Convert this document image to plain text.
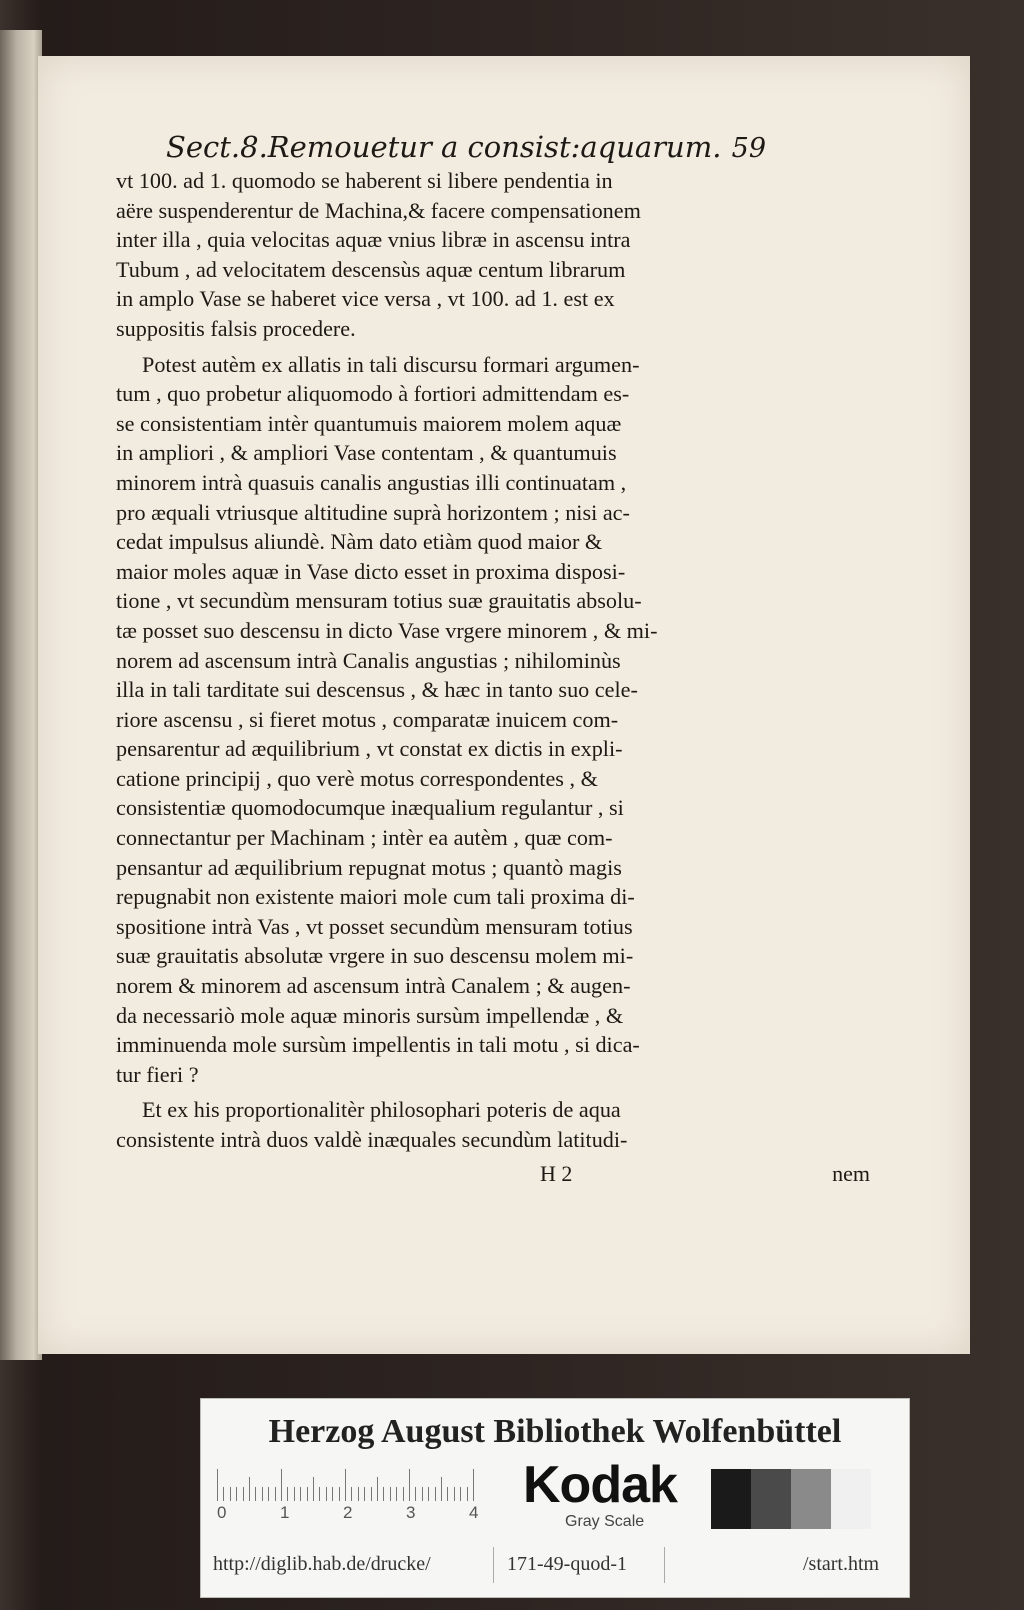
Sect.8.Remouetur a consist:aquarum. 59
vt 100. ad 1. quomodo se haberent si libere pendentia in
aëre suspenderentur de Machina,& facere compensationem
inter illa , quia velocitas aquæ vnius libræ in ascensu intra
Tubum , ad velocitatem descensùs aquæ centum librarum
in amplo Vase se haberet vice versa , vt 100. ad 1. est ex
suppositis falsis procedere.
Potest autèm ex allatis in tali discursu formari argumen-
tum , quo probetur aliquomodo à fortiori admittendam es-
se consistentiam intèr quantumuis maiorem molem aquæ
in ampliori , & ampliori Vase contentam , & quantumuis
minorem intrà quasuis canalis angustias illi continuatam ,
pro æquali vtriusque altitudine suprà horizontem ; nisi ac-
cedat impulsus aliundè. Nàm dato etiàm quod maior &
maior moles aquæ in Vase dicto esset in proxima disposi-
tione , vt secundùm mensuram totius suæ grauitatis absolu-
tæ posset suo descensu in dicto Vase vrgere minorem , & mi-
norem ad ascensum intrà Canalis angustias ; nihilominùs
illa in tali tarditate sui descensus , & hæc in tanto suo cele-
riore ascensu , si fieret motus , comparatæ inuicem com-
pensarentur ad æquilibrium , vt constat ex dictis in expli-
catione principij , quo verè motus correspondentes , &
consistentiæ quomodocumque inæqualium regulantur , si
connectantur per Machinam ; intèr ea autèm , quæ com-
pensantur ad æquilibrium repugnat motus ; quantò magis
repugnabit non existente maiori mole cum tali proxima di-
spositione intrà Vas , vt posset secundùm mensuram totius
suæ grauitatis absolutæ vrgere in suo descensu molem mi-
norem & minorem ad ascensum intrà Canalem ; & augen-
da necessariò mole aquæ minoris sursùm impellendæ , &
imminuenda mole sursùm impellentis in tali motu , si dica-
tur fieri ?
Et ex his proportionalitèr philosophari poteris de aqua
consistente intrà duos valdè inæquales secundùm latitudi-
H 2	nem
Herzog August Bibliothek Wolfenbüttel
0	1	2	3	4 Kodak
Gray Scale
http://diglib.hab.de/drucke/	171-49-quod-1	/start.htm
